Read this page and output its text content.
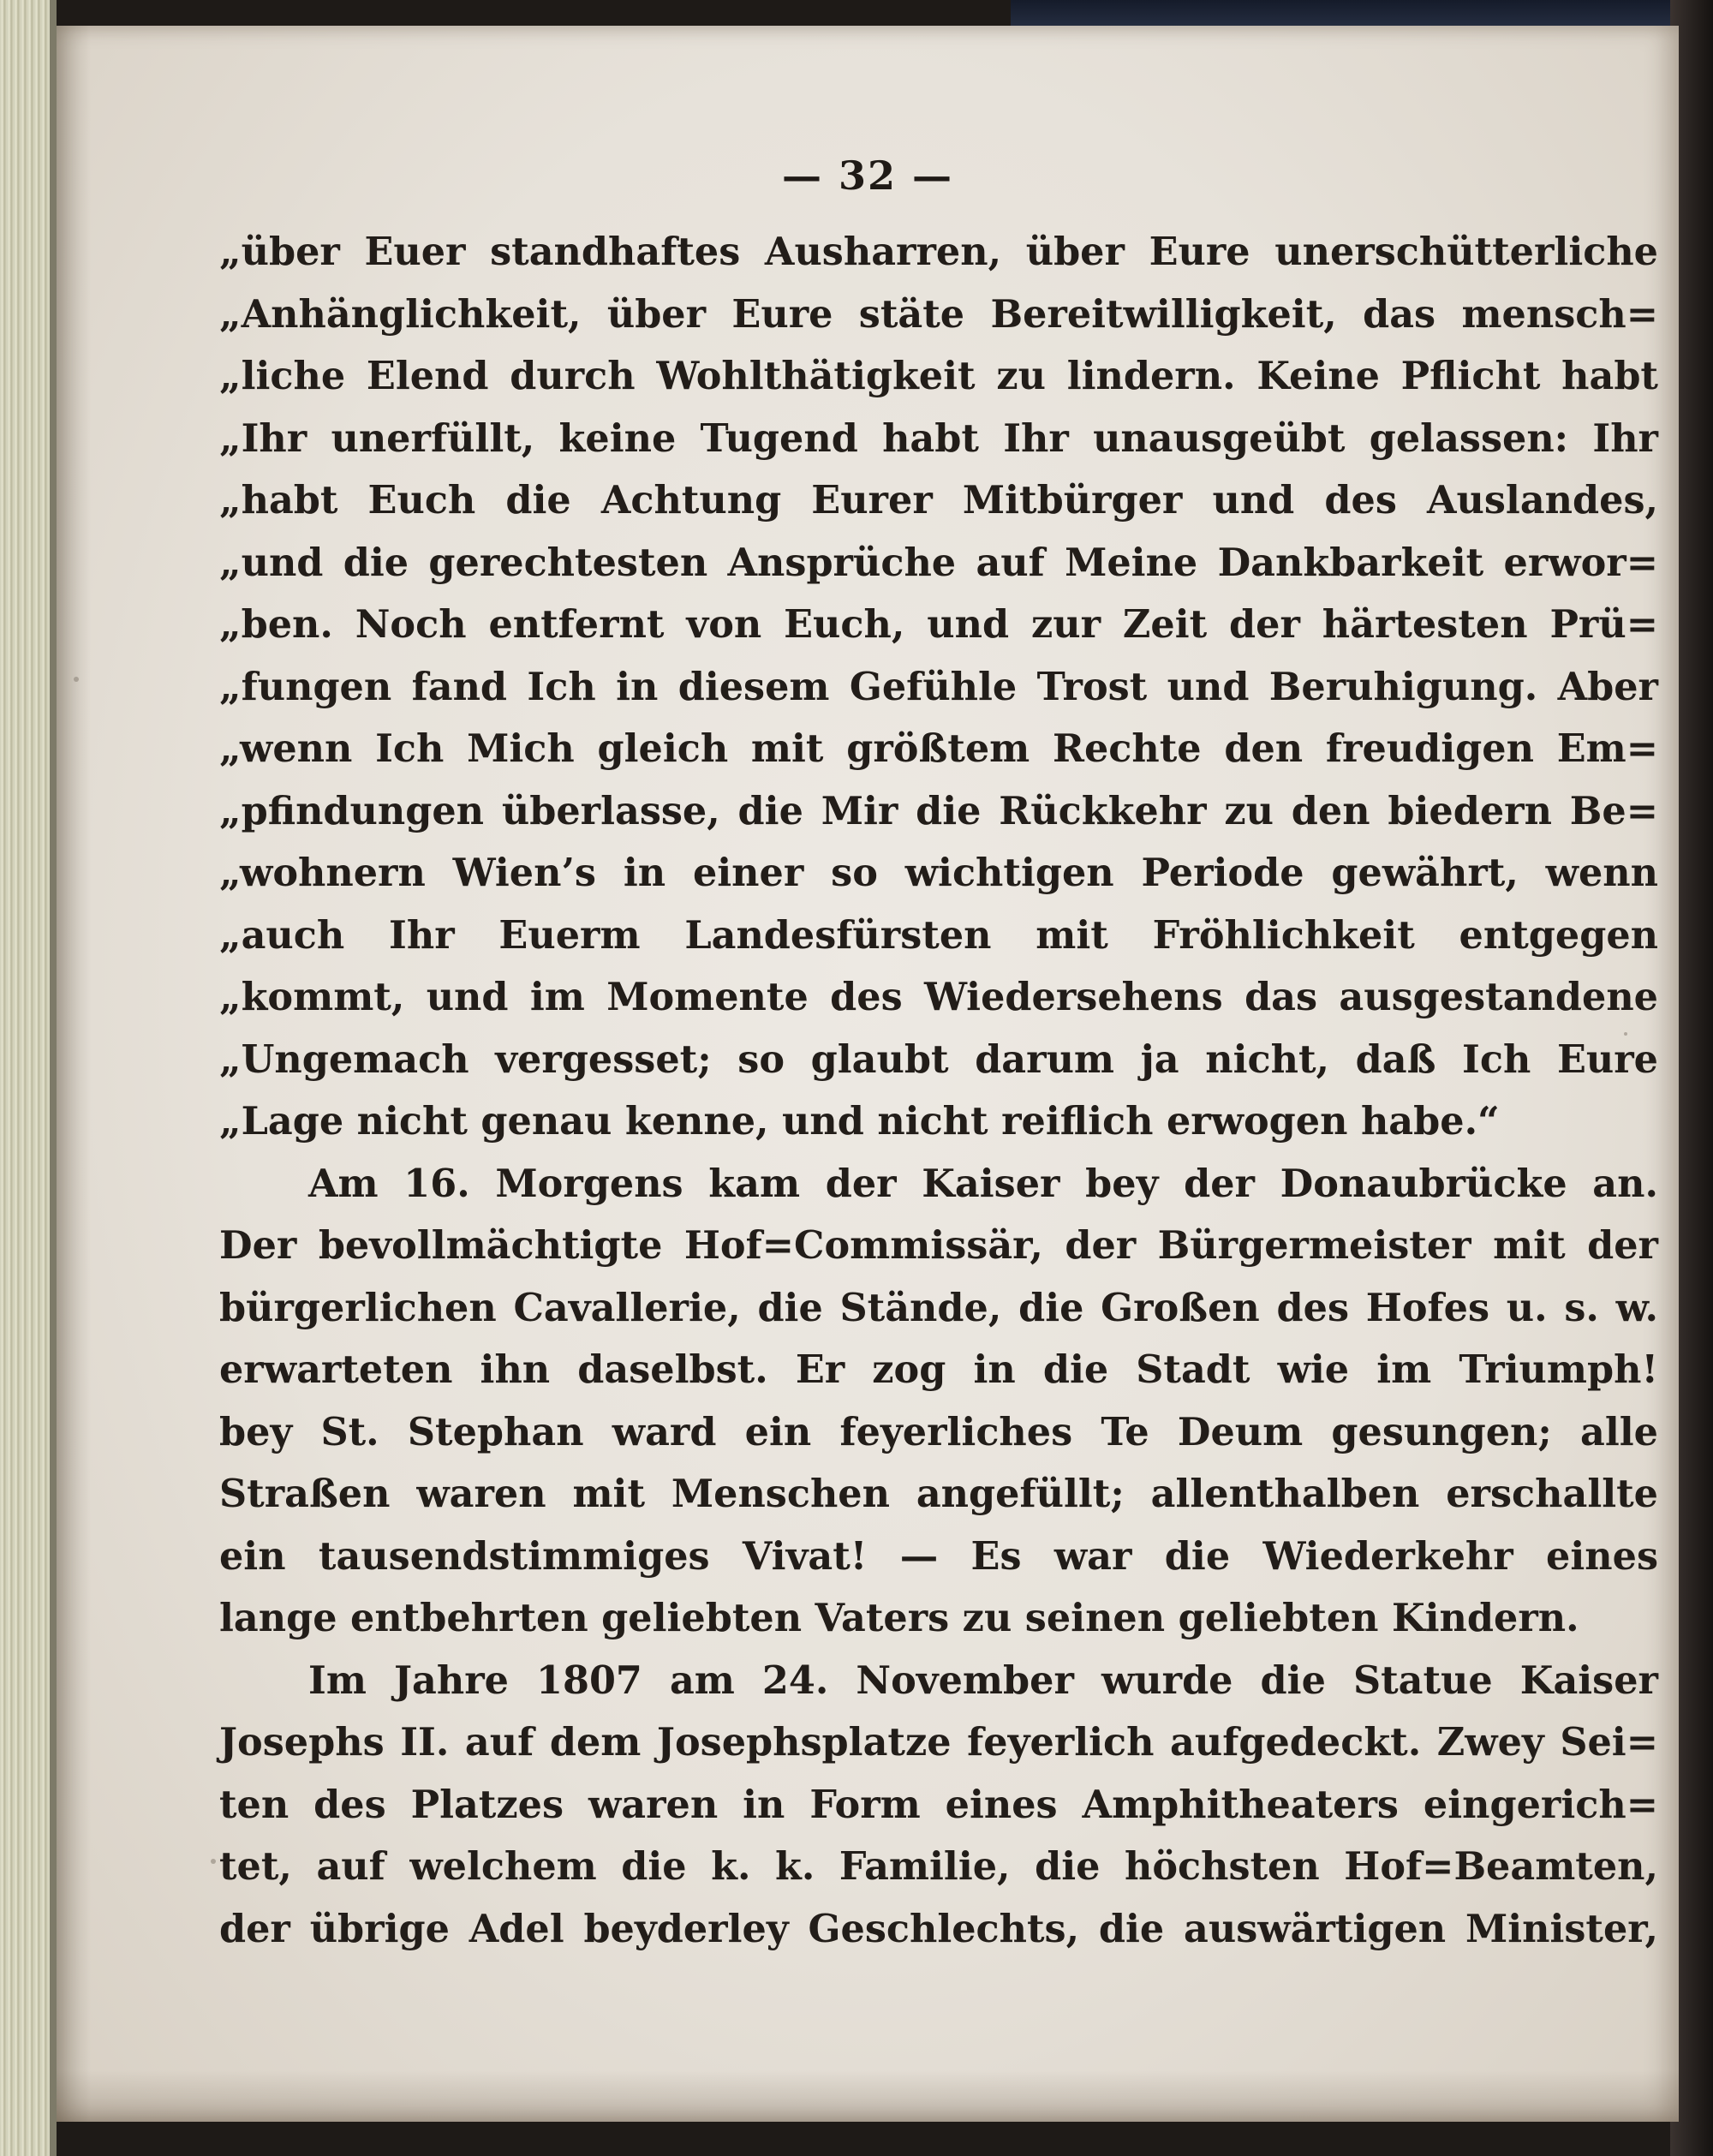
— 32 —
„über Euer standhaftes Ausharren, über Eure unerschütterliche
„Anhänglichkeit, über Eure stäte Bereitwilligkeit, das mensch=
„liche Elend durch Wohlthätigkeit zu lindern. Keine Pflicht habt
„Ihr unerfüllt, keine Tugend habt Ihr unausgeübt gelassen: Ihr
„habt Euch die Achtung Eurer Mitbürger und des Auslandes,
„und die gerechtesten Ansprüche auf Meine Dankbarkeit erwor=
„ben. Noch entfernt von Euch, und zur Zeit der härtesten Prü=
„fungen fand Ich in diesem Gefühle Trost und Beruhigung. Aber
„wenn Ich Mich gleich mit größtem Rechte den freudigen Em=
„pfindungen überlasse, die Mir die Rückkehr zu den biedern Be=
„wohnern Wien’s in einer so wichtigen Periode gewährt, wenn
„auch Ihr Euerm Landesfürsten mit Fröhlichkeit entgegen
„kommt, und im Momente des Wiedersehens das ausgestandene
„Ungemach vergesset; so glaubt darum ja nicht, daß Ich Eure
„Lage nicht genau kenne, und nicht reiflich erwogen habe.“
Am 16. Morgens kam der Kaiser bey der Donaubrücke an.
Der bevollmächtigte Hof=Commissär, der Bürgermeister mit der
bürgerlichen Cavallerie, die Stände, die Großen des Hofes u. s. w.
erwarteten ihn daselbst. Er zog in die Stadt wie im Triumph!
bey St. Stephan ward ein feyerliches Te Deum gesungen; alle
Straßen waren mit Menschen angefüllt; allenthalben erschallte
ein tausendstimmiges Vivat! — Es war die Wiederkehr eines
lange entbehrten geliebten Vaters zu seinen geliebten Kindern.
Im Jahre 1807 am 24. November wurde die Statue Kaiser
Josephs II. auf dem Josephsplatze feyerlich aufgedeckt. Zwey Sei=
ten des Platzes waren in Form eines Amphitheaters eingerich=
tet, auf welchem die k. k. Familie, die höchsten Hof=Beamten,
der übrige Adel beyderley Geschlechts, die auswärtigen Minister,
